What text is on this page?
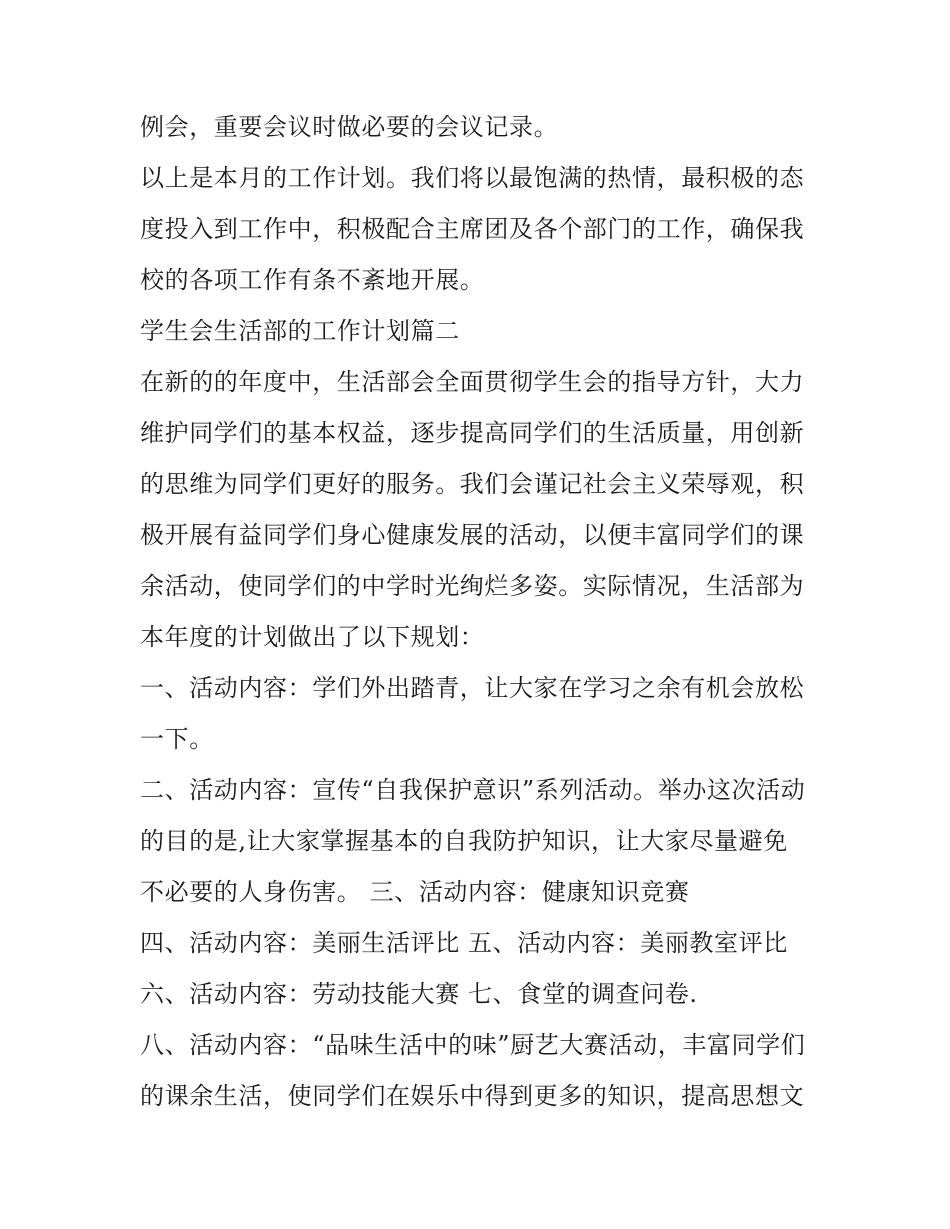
例会，重要会议时做必要的会议记录。

以上是本月的工作计划。我们将以最饱满的热情，最积极的态

度投入到工作中，积极配合主席团及各个部门的工作，确保我

校的各项工作有条不紊地开展。

学生会生活部的工作计划篇二

在新的的年度中，生活部会全面贯彻学生会的指导方针，大力

维护同学们的基本权益，逐步提高同学们的生活质量，用创新

的思维为同学们更好的服务。我们会谨记社会主义荣辱观，积

极开展有益同学们身心健康发展的活动，以便丰富同学们的课

余活动，使同学们的中学时光绚烂多姿。实际情况，生活部为

本年度的计划做出了以下规划：

一、活动内容：学们外出踏青，让大家在学习之余有机会放松

一下。

二、活动内容：宣传“自我保护意识”系列活动。举办这次活动

的目的是,让大家掌握基本的自我防护知识，让大家尽量避免

不必要的人身伤害。 三、活动内容：健康知识竞赛

四、活动内容：美丽生活评比 五、活动内容：美丽教室评比

六、活动内容：劳动技能大赛 七、食堂的调查问卷.

八、活动内容：“品味生活中的味”厨艺大赛活动，丰富同学们

的课余生活，使同学们在娱乐中得到更多的知识，提高思想文
